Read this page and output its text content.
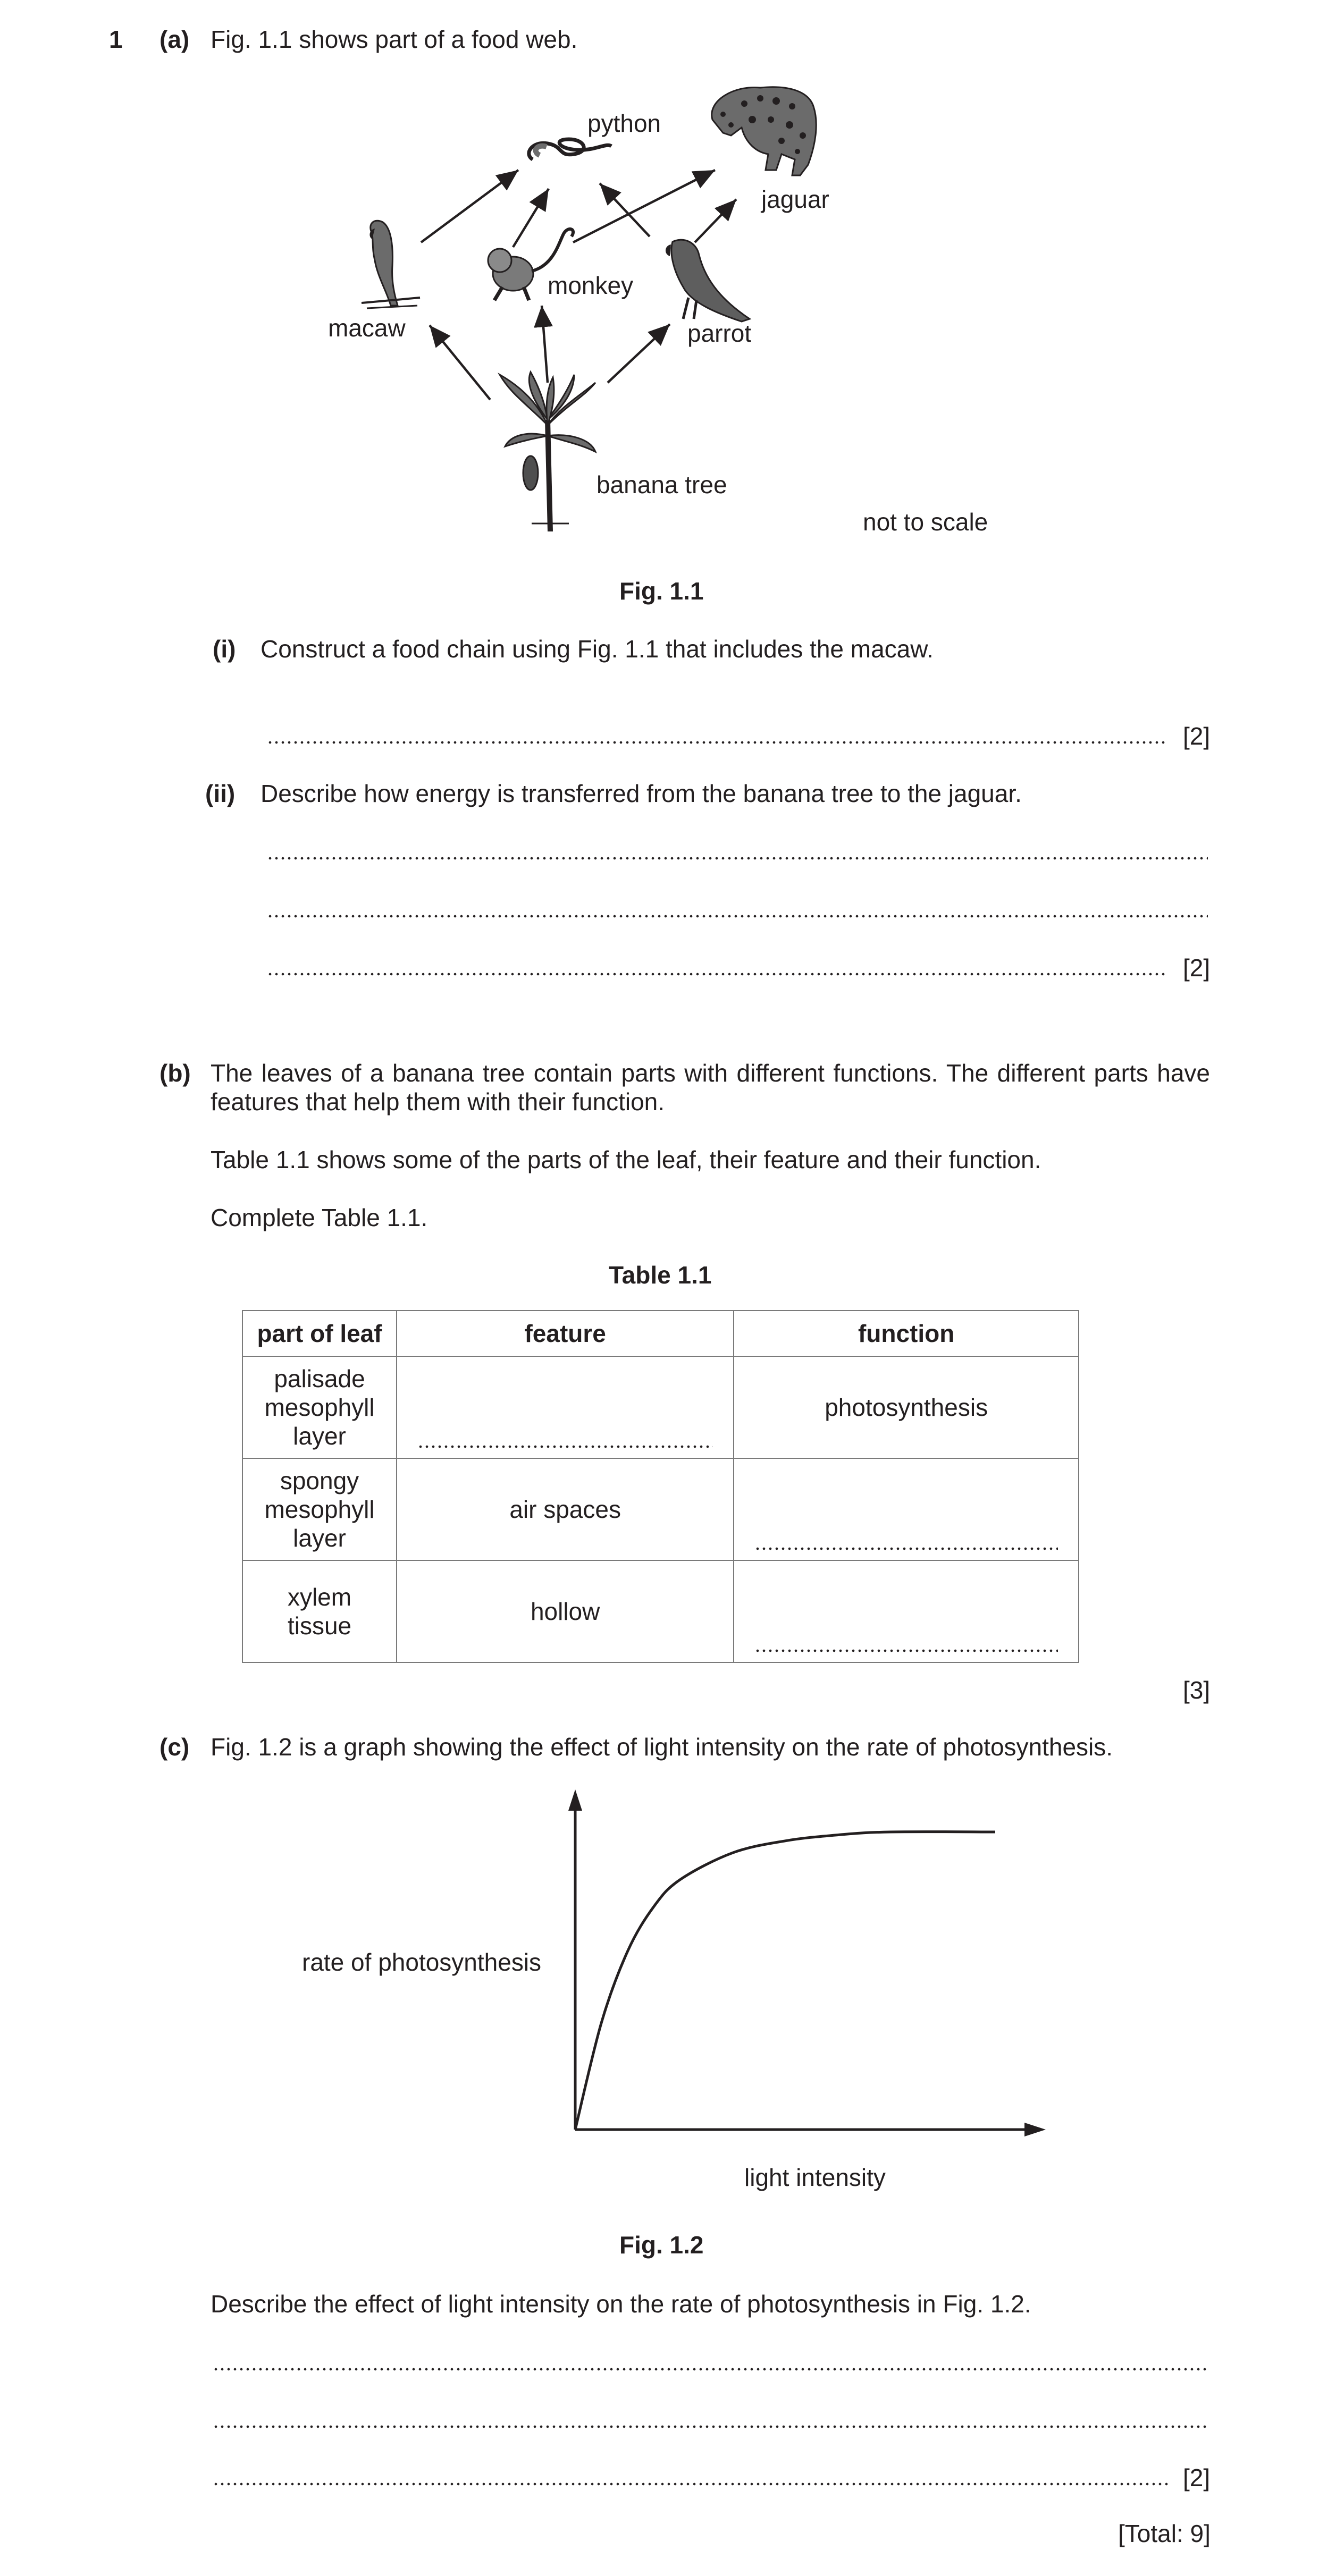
1 (a) Fig. 1.1 shows part of a food web.
python
jaguar
monkey
macaw	parrot
banana tree
not to scale
Fig. 1.1
(i) Construct a food chain using Fig. 1.1 that includes the macaw.
[2]
(ii) Describe how energy is transferred from the banana tree to the jaguar.
[2]
(b) The leaves of a banana tree contain parts with different functions. The different parts have features that help them with their function.
Table 1.1 shows some of the parts of the leaf, their feature and their function.
Complete Table 1.1.
Table 1.1
part of leaf	feature	function
palisade mesophyll layer		photosynthesis
spongy mesophyll layer	air spaces	

xylem tissue	hollow	
[3]
(c) Fig. 1.2 is a graph showing the effect of light intensity on the rate of photosynthesis.
rate of photosynthesis
light intensity
Fig. 1.2
Describe the effect of light intensity on the rate of photosynthesis in Fig. 1.2.
[2]
[Total: 9]
